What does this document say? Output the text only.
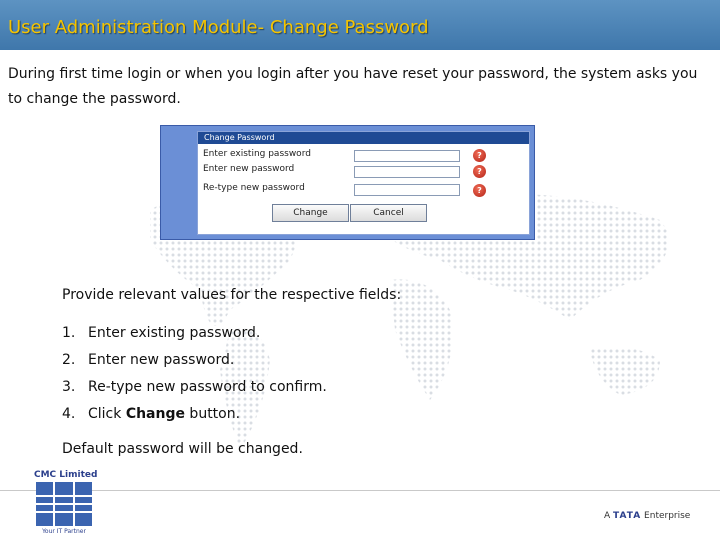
User Administration Module- Change Password
During first time login or when you login after you have reset your password, the system asks you to change the password.
Change Password
Enter existing password	?
Enter new password	?
Re-type new password	?
Change	Cancel

Provide relevant values for the respective fields:

1. Enter existing password.
2. Enter new password.
3. Re-type new password to confirm.
4. Click Change button.
Default password will be changed.
CMC Limited
Your IT Partner
A TATA Enterprise
